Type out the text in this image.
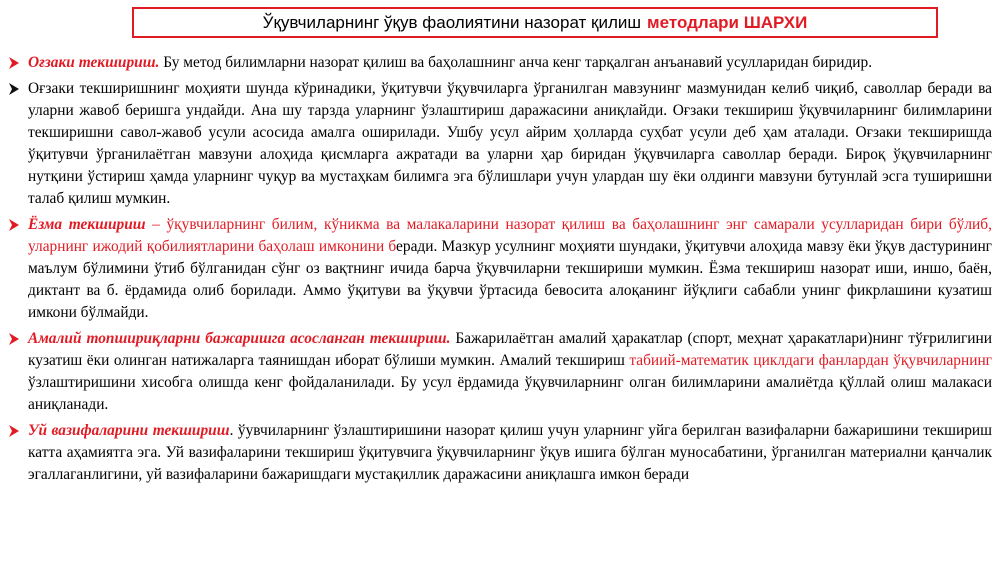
Ўқувчиларнинг ўқув фаолиятини назорат қилиш методлари ШАРХИ
Оғзаки текшириш. Бу метод билимларни назорат қилиш ва баҳолашнинг анча кенг тарқалган анъанавий усулларидан биридир.
Оғзаки текширишнинг моҳияти шунда кўринадики, ўқитувчи ўқувчиларга ўрганилган мавзунинг мазмунидан келиб чиқиб, саволлар беради ва уларни жавоб беришга ундайди. Ана шу тарзда уларнинг ўзлаштириш даражасини аниқлайди. Оғзаки текшириш ўқувчиларнинг билимларини текширишни савол-жавоб усули асосида амалга оширилади. Ушбу усул айрим ҳолларда суҳбат усули деб ҳам аталади. Оғзаки текширишда ўқитувчи ўрганилаётган мавзуни алоҳида қисмларга ажратади ва уларни ҳар биридан ўқувчиларга саволлар беради. Бироқ ўқувчиларнинг нутқини ўстириш ҳамда уларнинг чуқур ва мустаҳкам билимга эга бўлишлари учун улардан шу ёки олдинги мавзуни бутунлай эсга туширишни талаб қилиш мумкин.
Ёзма текшириш – ўқувчиларнинг билим, кўникма ва малакаларини назорат қилиш ва баҳолашнинг энг самарали усулларидан бири бўлиб, уларнинг ижодий қобилиятларини баҳолаш имконини беради. Мазкур усулнинг моҳияти шундаки, ўқитувчи алоҳида мавзу ёки ўқув дастурининг маълум бўлимини ўтиб бўлганидан сўнг оз вақтнинг ичида барча ўқувчиларни текшириши мумкин. Ёзма текшириш назорат иши, иншо, баён, диктант ва б. ёрдамида олиб борилади. Аммо ўқитуви ва ўқувчи ўртасида бевосита алоқанинг йўқлиги сабабли унинг фикрлашини кузатиш имкони бўлмайди.
Амалий топшириқларни бажаришга асосланган текшириш. Бажарилаётган амалий ҳаракатлар (спорт, меҳнат ҳаракатлари)нинг тўғрилигини кузатиш ёки олинган натижаларга таянишдан иборат бўлиши мумкин. Амалий текшириш табиий-математик циклдаги фанлардан ўқувчиларнинг ўзлаштиришини хисобга олишда кенг фойдаланилади. Бу усул ёрдамида ўқувчиларнинг олган билимларини амалиётда қўллай олиш малакаси аниқланади.
Уй вазифаларини текшириш. ўувчиларнинг ўзлаштиришини назорат қилиш учун уларнинг уйга берилган вазифаларни бажаришини текшириш катта аҳамиятга эга. Уй вазифаларини текшириш ўқитувчига ўқувчиларнинг ўқув ишига бўлган муносабатини, ўрганилган материални қанчалик эгаллаганлигини, уй вазифаларини бажаришдаги мустақиллик даражасини аниқлашга имкон беради
